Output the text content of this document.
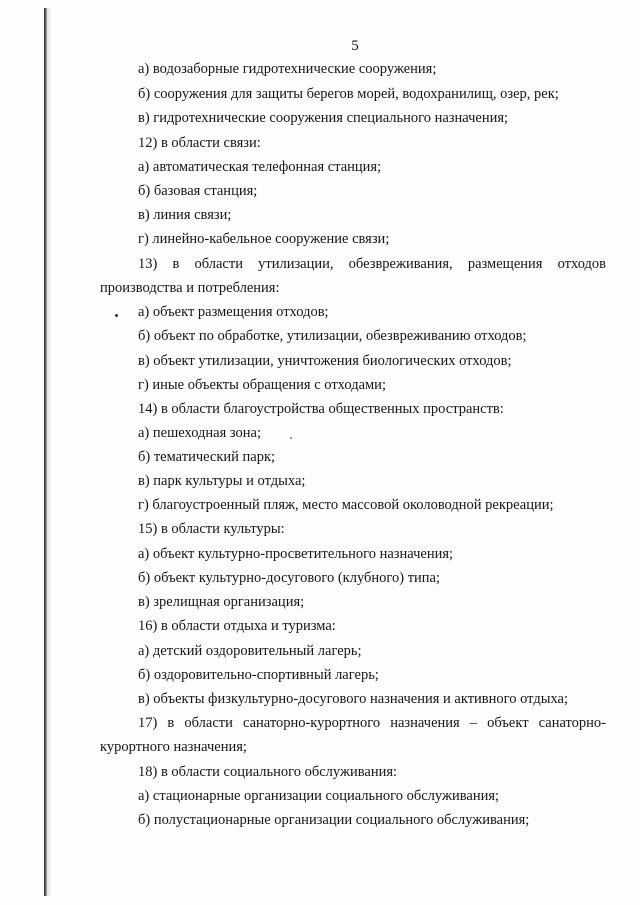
5
а) водозаборные гидротехнические сооружения;
б) сооружения для защиты берегов морей, водохранилищ, озер, рек;
в) гидротехнические сооружения специального назначения;
12) в области связи:
а) автоматическая телефонная станция;
б) базовая станция;
в) линия связи;
г) линейно-кабельное сооружение связи;
13) в области утилизации, обезвреживания, размещения отходов
производства и потребления:
а) объект размещения отходов;
б) объект по обработке, утилизации, обезвреживанию отходов;
в) объект утилизации, уничтожения биологических отходов;
г) иные объекты обращения с отходами;
14) в области благоустройства общественных пространств:
а) пешеходная зона;
б) тематический парк;
в) парк культуры и отдыха;
г) благоустроенный пляж, место массовой околоводной рекреации;
15) в области культуры:
а) объект культурно-просветительного назначения;
б) объект культурно-досугового (клубного) типа;
в) зрелищная организация;
16) в области отдыха и туризма:
а) детский оздоровительный лагерь;
б) оздоровительно-спортивный лагерь;
в) объекты физкультурно-досугового назначения и активного отдыха;
17) в области санаторно-курортного назначения – объект санаторно-
курортного назначения;
18) в области социального обслуживания:
а) стационарные организации социального обслуживания;
б) полустационарные организации социального обслуживания;
